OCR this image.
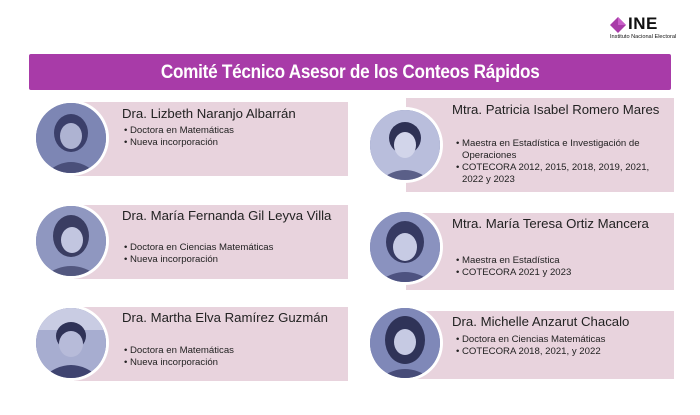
INE
Instituto Nacional Electoral
Comité Técnico Asesor de los Conteos Rápidos
Dra. Lizbeth Naranjo Albarrán
• Doctora en Matemáticas
• Nueva incorporación
Dra. María Fernanda Gil Leyva Villa
• Doctora en Ciencias Matemáticas
• Nueva incorporación
Dra. Martha Elva Ramírez Guzmán
• Doctora en Matemáticas
• Nueva incorporación
Mtra. Patricia Isabel Romero Mares
• Maestra en Estadística e Investigación de Operaciones
• COTECORA 2012, 2015, 2018, 2019, 2021, 2022 y 2023
Mtra. María Teresa Ortiz Mancera
• Maestra en Estadística
• COTECORA 2021 y 2023
Dra. Michelle Anzarut Chacalo
• Doctora en Ciencias Matemáticas
• COTECORA 2018, 2021, y 2022
